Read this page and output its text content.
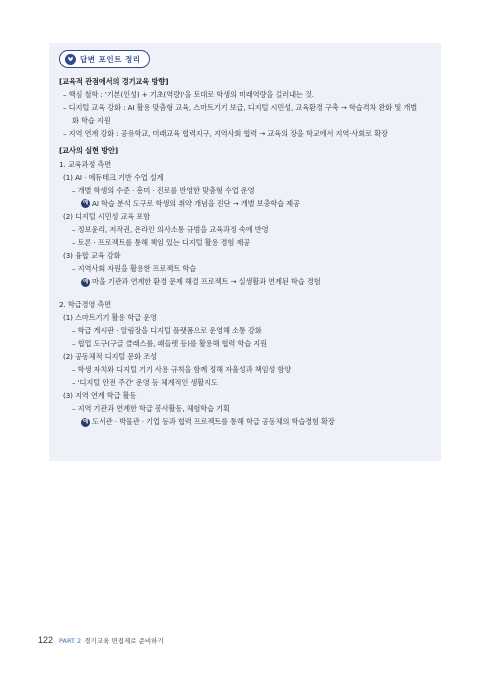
답변 포인트 정리
[교육적 관점에서의 경기교육 방향]
– 핵심 철학 : '기본(인성) + 기초(역량)'을 토대로 학생의 미래역량을 길러내는 것.
– 디지털 교육 강화 : AI 활용 맞춤형 교육, 스마트기기 보급, 디지털 시민성, 교육환경 구축 → 학습격차 완화 및 개별
화 학습 지원
– 지역 연계 강화 : 공유학교, 미래교육 협력지구, 지역사회 협력 → 교육의 장을 학교에서 지역·사회로 확장
[교사의 실현 방안]
1. 교육과정 측면
(1) AI · 에듀테크 기반 수업 설계
– 개별 학생의 수준 · 흥미 · 진로를 반영한 맞춤형 수업 운영
예 AI 학습 분석 도구로 학생의 취약 개념을 진단 → 개별 보충학습 제공
(2) 디지털 시민성 교육 포함
– 정보윤리, 저작권, 온라인 의사소통 규범을 교육과정 속에 반영
– 토론 · 프로젝트를 통해 책임 있는 디지털 활용 경험 제공
(3) 융합 교육 강화
– 지역사회 자원을 활용한 프로젝트 학습
예 마을 기관과 연계한 환경 문제 해결 프로젝트 → 실생활과 연계된 학습 경험
2. 학급경영 측면
(1) 스마트기기 활용 학급 운영
– 학급 게시판 · 알림장을 디지털 플랫폼으로 운영해 소통 강화
– 협업 도구(구글 클래스룸, 패들렛 등)를 활용해 협력 학습 지원
(2) 공동체적 디지털 문화 조성
– 학생 자치와 디지털 기기 사용 규칙을 함께 정해 자율성과 책임성 함양
– '디지털 안전 주간' 운영 등 체계적인 생활지도
(3) 지역 연계 학급 활동
– 지역 기관과 연계한 학급 봉사활동, 체험학습 기획
예 도서관 · 박물관 · 기업 등과 협력 프로젝트를 통해 학급 공동체의 학습경험 확장
122 PART 2 경기교육 면접제로 준비하기
